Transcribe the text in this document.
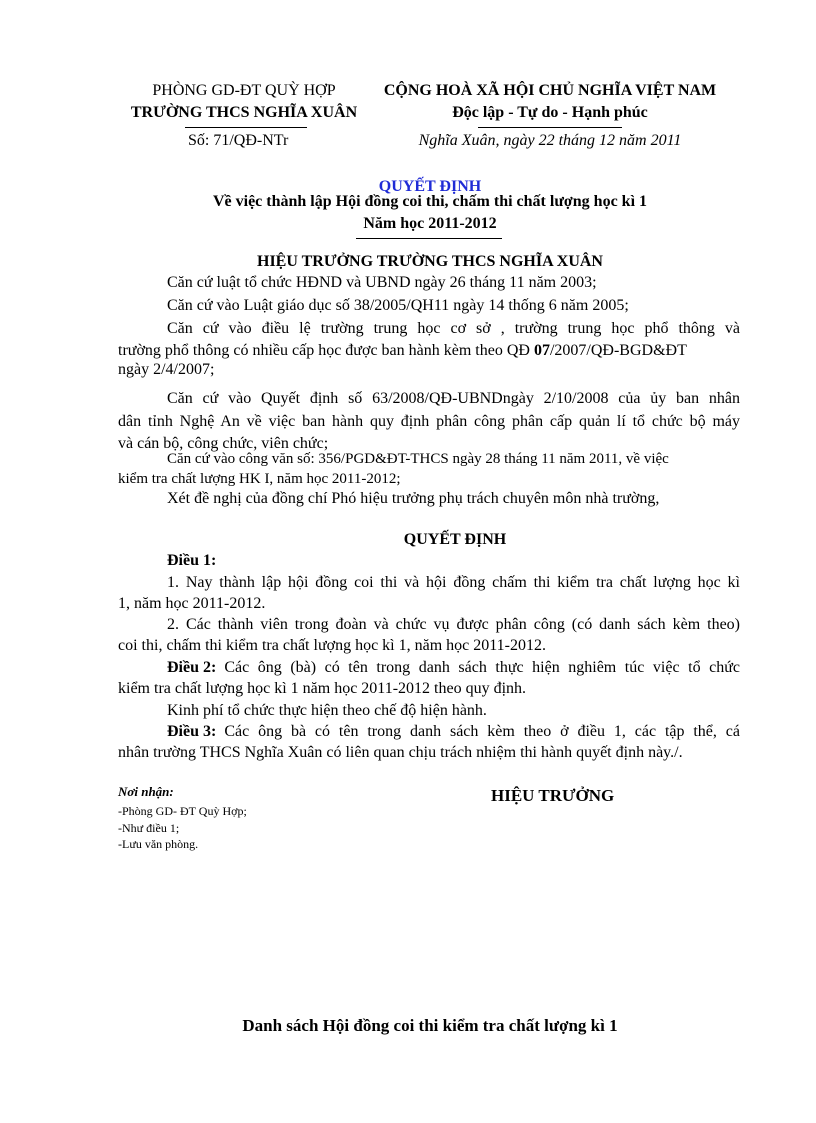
PHÒNG GD-ĐT QUỲ HỢP
TRƯỜNG THCS NGHĨA XUÂN
Số: 71/QĐ-NTr
CỘNG HOÀ XÃ HỘI CHỦ NGHĨA VIỆT NAM
Độc lập - Tự do - Hạnh phúc
Nghĩa Xuân, ngày 22 tháng 12 năm 2011
QUYẾT ĐỊNH
Về việc thành lập Hội đồng coi thi, chấm thi chất lượng học kì 1
Năm học 2011-2012
HIỆU TRƯỞNG TRƯỜNG THCS NGHĨA XUÂN
Căn cứ luật tổ chức HĐND và UBND ngày 26 tháng 11 năm 2003;
Căn cứ vào Luật giáo dục số 38/2005/QH11 ngày 14 thống 6 năm 2005;
Căn cứ vào điều lệ trường trung học cơ sở , trường trung học phổ thông và
trường phổ thông có nhiều cấp học được ban hành kèm theo QĐ 07/2007/QĐ-BGD&ĐT
ngày 2/4/2007;
Căn cứ vào Quyết định số 63/2008/QĐ-UBNDngày 2/10/2008 của ủy ban nhân
dân tỉnh Nghệ An về việc ban hành quy định phân công phân cấp quản lí tổ chức bộ máy
và cán bộ, công chức, viên chức;
Căn cứ vào công văn số: 356/PGD&ĐT-THCS ngày 28 tháng 11 năm 2011, về việc
kiểm tra chất lượng HK I, năm học 2011-2012;
Xét đề nghị của đồng chí Phó hiệu trưởng phụ trách chuyên môn nhà trường,
QUYẾT ĐỊNH
Điều 1:
1. Nay thành lập hội đồng coi thi và hội đồng chấm thi kiểm tra chất lượng học kì
1, năm học 2011-2012.
2. Các thành viên trong đoàn và chức vụ được phân công (có danh sách kèm theo)
coi thi, chấm thi kiểm tra chất lượng học kì 1, năm học 2011-2012.
Điều 2: Các ông (bà) có tên trong danh sách thực hiện nghiêm túc việc tổ chức
kiểm tra chất lượng học kì 1 năm học 2011-2012 theo quy định.
Kinh phí tổ chức thực hiện theo chế độ hiện hành.
Điều 3: Các ông bà có tên trong danh sách kèm theo ở điều 1, các tập thể, cá
nhân trường THCS Nghĩa Xuân có liên quan chịu trách nhiệm thi hành quyết định này./.
Nơi nhận:
-Phòng GD- ĐT Quỳ Hợp;
-Như điều 1;
-Lưu văn phòng.
HIỆU TRƯỞNG
Danh sách Hội đồng coi thi kiểm tra chất lượng kì 1
